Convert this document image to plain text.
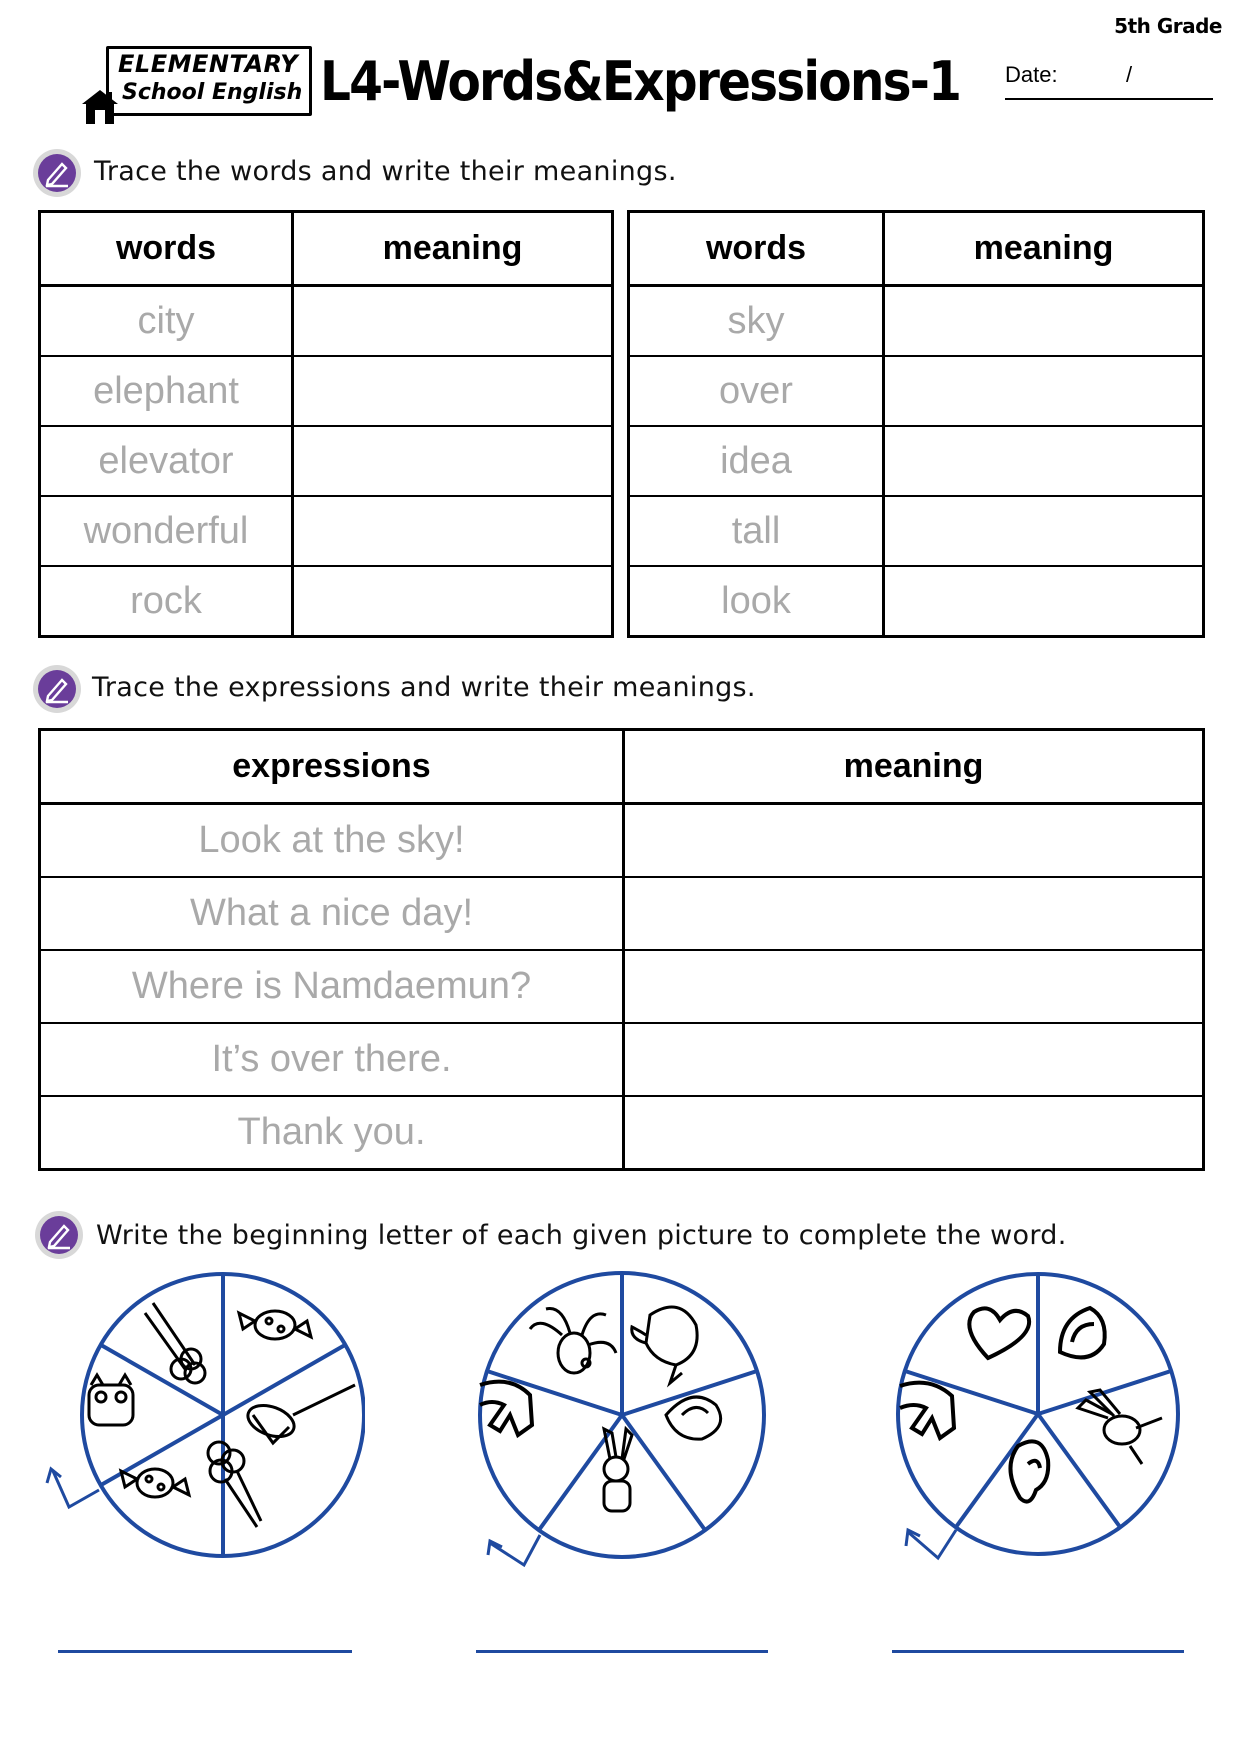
5th Grade
ELEMENTARY
School English L4-Words&Expressions-1 Date:	/
Trace the words and write their meanings.
words	meaning
city	
elephant	
elevator	
wonderful	
rock	
words	meaning
sky	
over	
idea	
tall	
look	
Trace the expressions and write their meanings.
expressions	meaning
Look at the sky!	
What a nice day!	
Where is Namdaemun?	
It’s over there.	
Thank you.	
Write the beginning letter of each given picture to complete the word.
